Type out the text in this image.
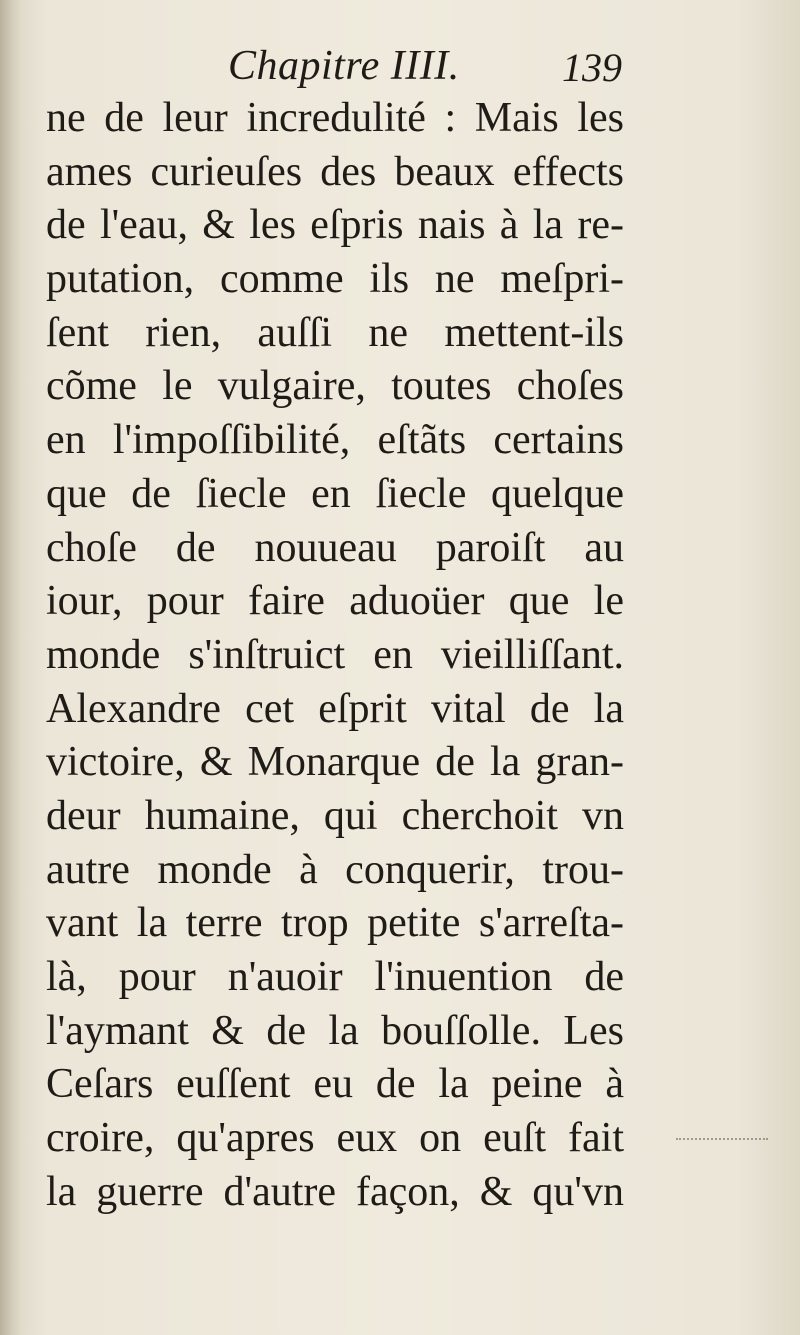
Chapitre IIII.	139
ne de leur incredulité : Mais les
ames curieuſes des beaux effects
de l'eau, & les eſpris nais à la re-
putation, comme ils ne meſpri-
ſent rien, auſſi ne mettent-ils
cõme le vulgaire, toutes choſes
en l'impoſſibilité, eſtãts certains
que de ſiecle en ſiecle quelque
choſe de nouueau paroiſt au
iour, pour faire aduoüer que le
monde s'inſtruict en vieilliſſant.
Alexandre cet eſprit vital de la
victoire, & Monarque de la gran-
deur humaine, qui cherchoit vn
autre monde à conquerir, trou-
vant la terre trop petite s'arreſta-
là, pour n'auoir l'inuention de
l'aymant & de la bouſſolle. Les
Ceſars euſſent eu de la peine à
croire, qu'apres eux on euſt fait
la guerre d'autre façon, & qu'vn
